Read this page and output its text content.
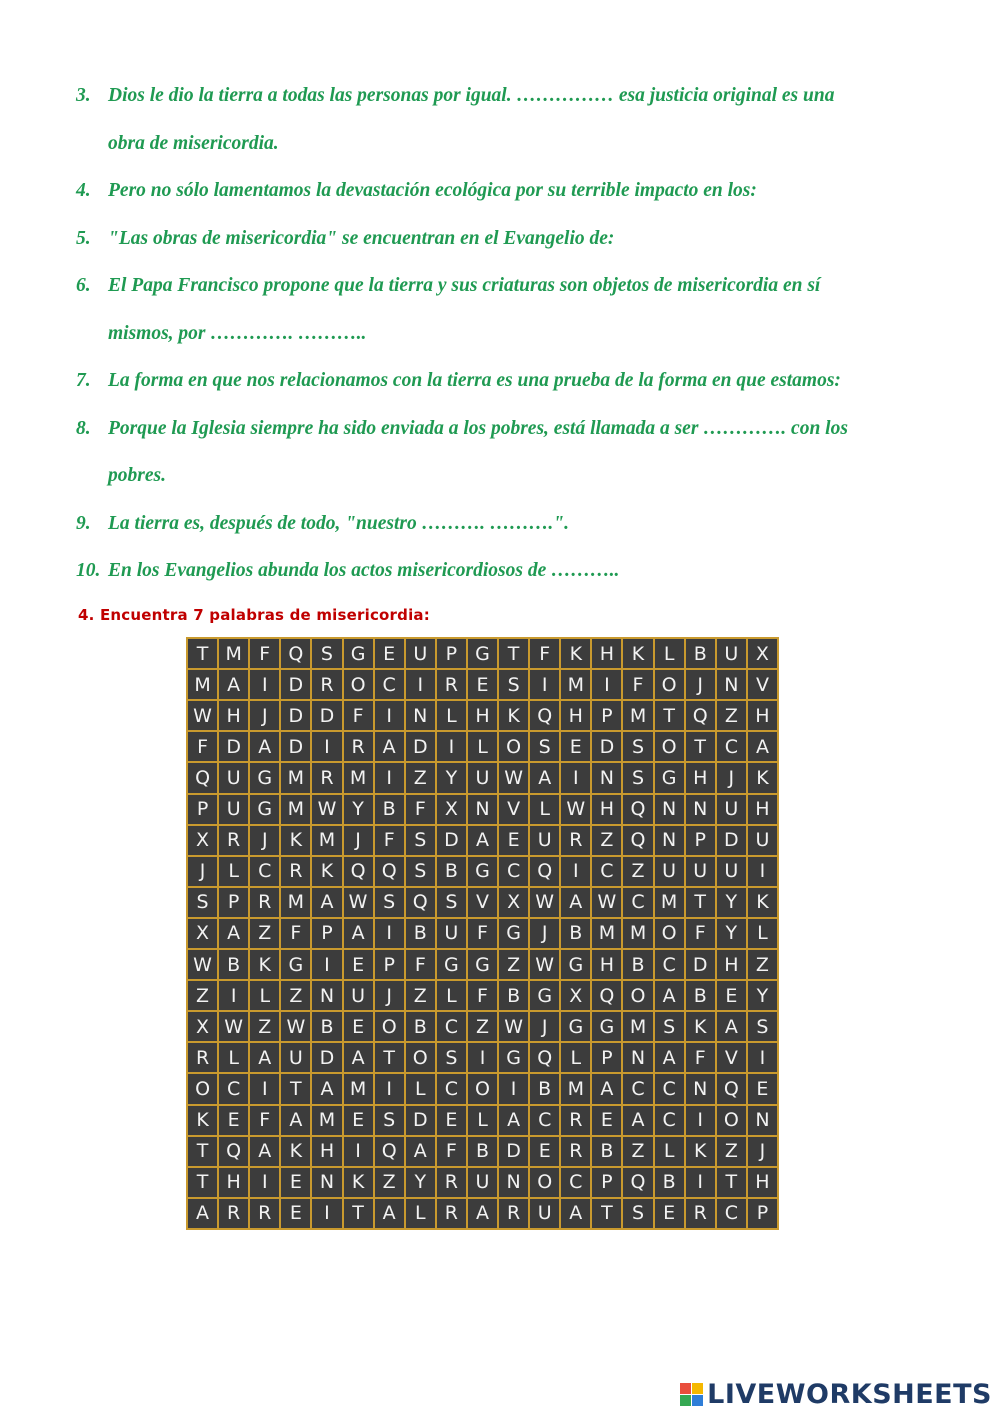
3. Dios le dio la tierra a todas las personas por igual. …………… esa justicia original es una
obra de misericordia.
4. Pero no sólo lamentamos la devastación ecológica por su terrible impacto en los:
5. "Las obras de misericordia" se encuentran en el Evangelio de:
6. El Papa Francisco propone que la tierra y sus criaturas son objetos de misericordia en sí
mismos, por …………. ………..
7. La forma en que nos relacionamos con la tierra es una prueba de la forma en que estamos:
8. Porque la Iglesia siempre ha sido enviada a los pobres, está llamada a ser …………. con los
pobres.
9. La tierra es, después de todo, "nuestro ………. ……….".
10. En los Evangelios abunda los actos misericordiosos de ………..
4. Encuentra 7 palabras de misericordia:
T M F Q S G E U P G T	F	K H K	L	B U X
M A	I	D R O C	I	R E	S	I	M	I	F O	J	N V
W H	J	D D F	I	N L H K Q H P M T Q Z H
F D A D	I	R A D	I	L O S	E D S O T C A
Q U G M R M	I	Z Y U W A	I	N S G H	J	K
P U G M W Y B	F	X N V	L W H Q N N U H
X R	J	K M	J	F	S D A E U R Z Q N P D U
J	L	C R K Q Q S B G C Q	I	C Z U U U	I
S	P R M A W S Q S V X W A W C M T	Y	K
X A Z	F	P A	I	B U F G	J	B M M O F	Y	L
W B K G	I	E	P	F G G Z W G H B C D H Z
Z	I	L	Z N U	J	Z	L	F	B G X Q O A B E	Y
X W Z W B E O B C Z W J	G G M S K A S
R	L	A U D A T O S	I	G Q L	P N A	F	V	I
O C	I	T A M	I	L	C O	I	B M A C C N Q E
K E	F	A M E	S D E	L	A C R E A C	I	O N
T Q A K H	I	Q A	F	B D E R B Z	L	K Z	J
T H	I	E N K Z Y R U N O C P Q B	I	T H
A R R E	I	T A	L	R A R U A T	S	E R C P
LIVEWORKSHEETS
